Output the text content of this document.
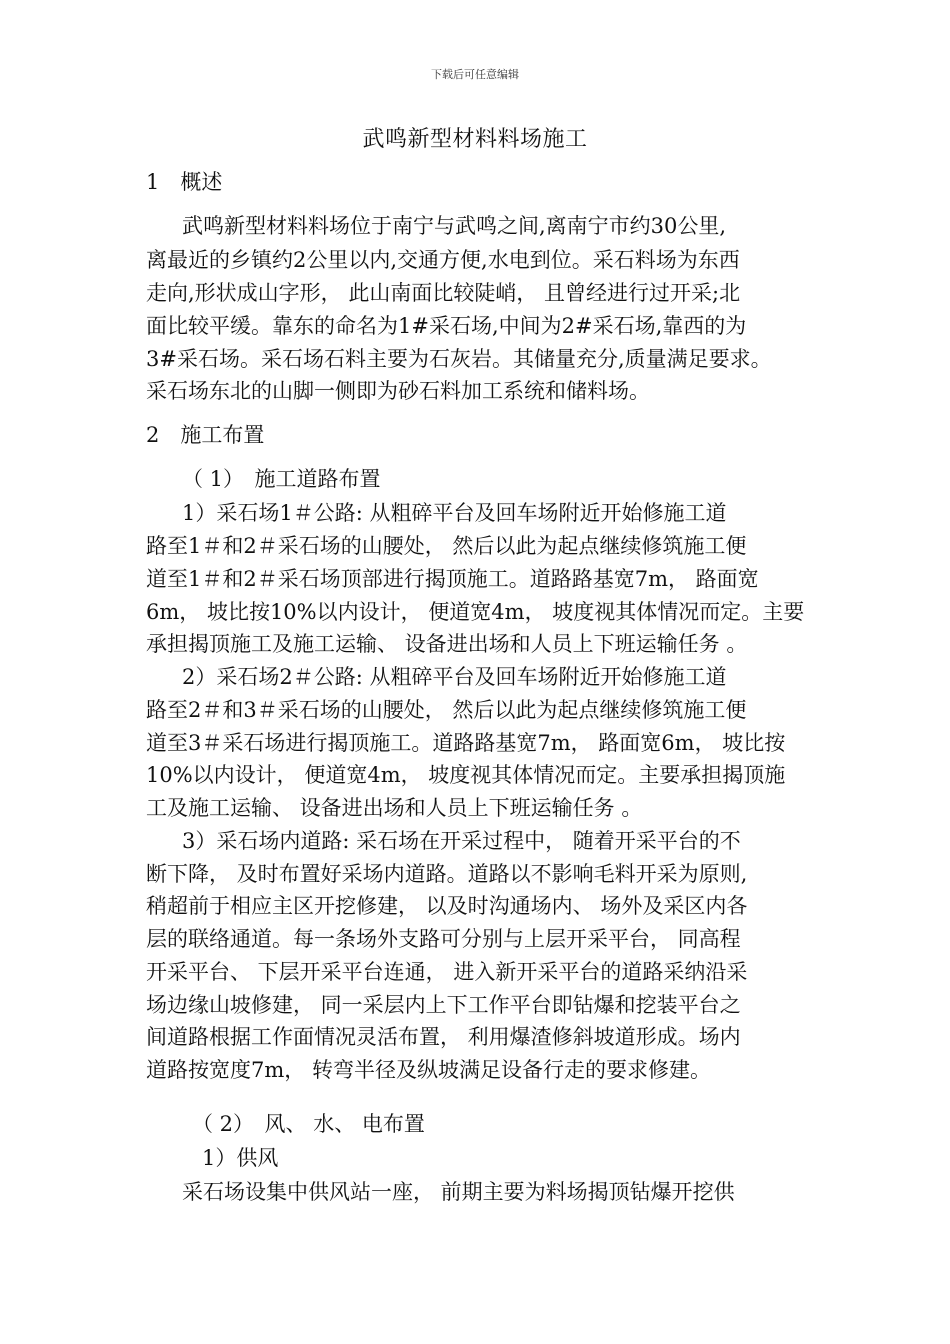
下载后可任意编辑
武鸣新型材料料场施工
1　概述
武鸣新型材料料场位于南宁与武鸣之间,离南宁市约30公里,
离最近的乡镇约2公里以内,交通方便,水电到位。采石料场为东西
走向,形状成山字形， 此山南面比较陡峭， 且曾经进行过开采;北
面比较平缓。靠东的命名为1#采石场,中间为2#采石场,靠西的为
3#采石场。采石场石料主要为石灰岩。其储量充分,质量满足要求。
采石场东北的山脚一侧即为砂石料加工系统和储料场。
2　施工布置
（ 1）　施工道路布置
1）采石场1＃公路: 从粗碎平台及回车场附近开始修施工道
路至1＃和2＃采石场的山腰处， 然后以此为起点继续修筑施工便
道至1＃和2＃采石场顶部进行揭顶施工。道路路基宽7m， 路面宽
6m， 坡比按10%以内设计， 便道宽4m， 坡度视其体情况而定。主要
承担揭顶施工及施工运输、 设备进出场和人员上下班运输任务 。
2）采石场2＃公路: 从粗碎平台及回车场附近开始修施工道
路至2＃和3＃采石场的山腰处， 然后以此为起点继续修筑施工便
道至3＃采石场进行揭顶施工。道路路基宽7m， 路面宽6m， 坡比按
10%以内设计， 便道宽4m， 坡度视其体情况而定。主要承担揭顶施
工及施工运输、 设备进出场和人员上下班运输任务 。
3）采石场内道路: 采石场在开采过程中， 随着开采平台的不
断下降， 及时布置好采场内道路。道路以不影响毛料开采为原则,
稍超前于相应主区开挖修建， 以及时沟通场内、 场外及采区内各
层的联络通道。每一条场外支路可分别与上层开采平台， 同高程
开采平台、 下层开采平台连通， 进入新开采平台的道路采纳沿采
场边缘山坡修建， 同一采层内上下工作平台即钻爆和挖装平台之
间道路根据工作面情况灵活布置， 利用爆渣修斜坡道形成。场内
道路按宽度7m， 转弯半径及纵坡满足设备行走的要求修建。
（ 2）　风、 水、 电布置
1）供风
采石场设集中供风站一座， 前期主要为料场揭顶钻爆开挖供
